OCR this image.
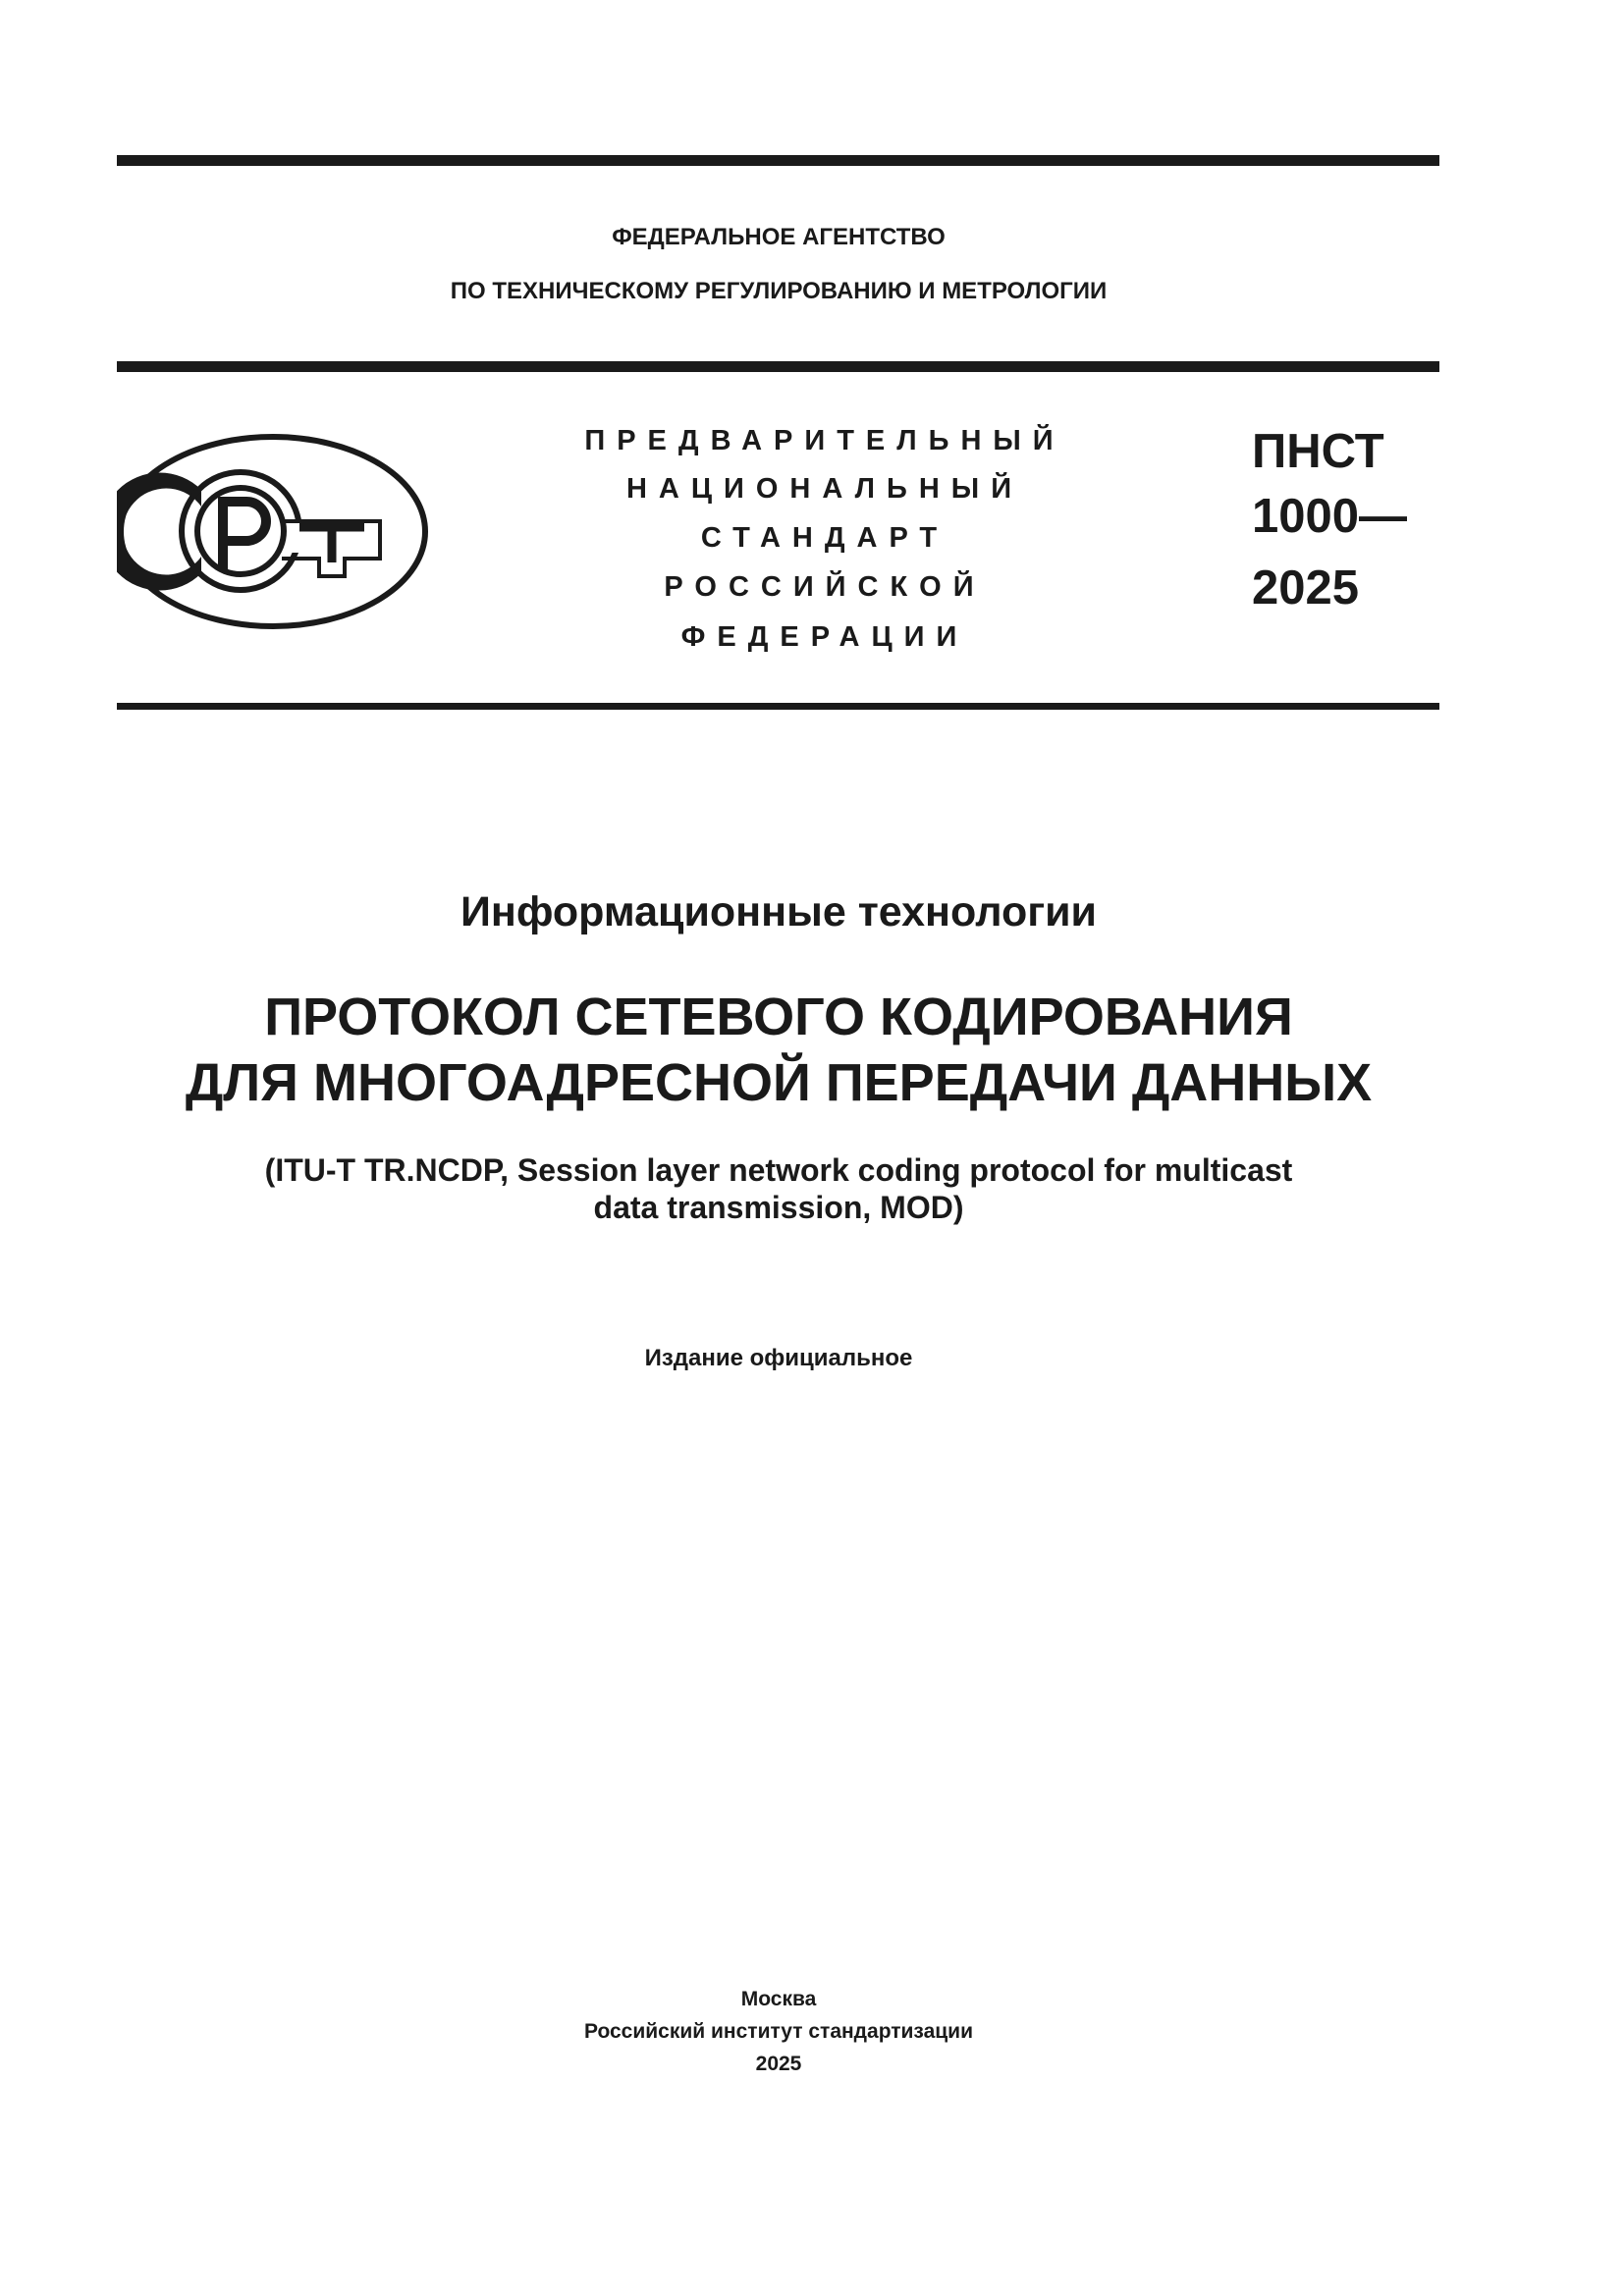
ФЕДЕРАЛЬНОЕ АГЕНТСТВО
ПО ТЕХНИЧЕСКОМУ РЕГУЛИРОВАНИЮ И МЕТРОЛОГИИ
ПРЕДВАРИТЕЛЬНЫЙ
НАЦИОНАЛЬНЫЙ
СТАНДАРТ
РОССИЙСКОЙ
ФЕДЕРАЦИИ
ПНСТ
1000—
2025
Информационные технологии
ПРОТОКОЛ СЕТЕВОГО КОДИРОВАНИЯ
ДЛЯ МНОГОАДРЕСНОЙ ПЕРЕДАЧИ ДАННЫХ
(ITU-T TR.NCDP, Session layer network coding protocol for multicast
data transmission, MOD)
Издание официальное
Москва
Российский институт стандартизации
2025
